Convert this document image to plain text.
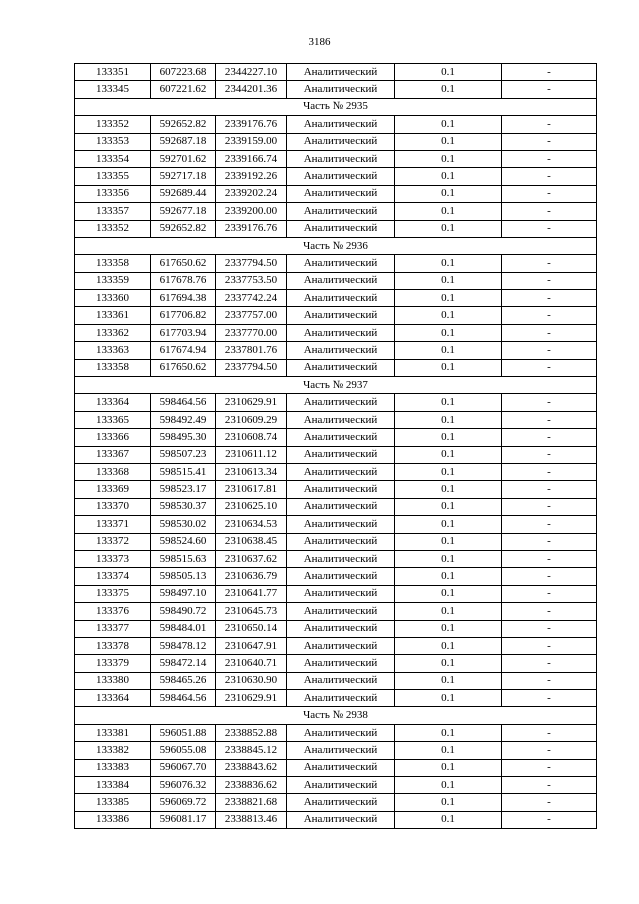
3186
133351	607223.68	2344227.10	Аналитический	0.1	-
133345	607221.62	2344201.36	Аналитический	0.1	-
Часть № 2935					
133352	592652.82	2339176.76	Аналитический	0.1	-
133353	592687.18	2339159.00	Аналитический	0.1	-
133354	592701.62	2339166.74	Аналитический	0.1	-
133355	592717.18	2339192.26	Аналитический	0.1	-
133356	592689.44	2339202.24	Аналитический	0.1	-
133357	592677.18	2339200.00	Аналитический	0.1	-
133352	592652.82	2339176.76	Аналитический	0.1	-
Часть № 2936					
133358	617650.62	2337794.50	Аналитический	0.1	-
133359	617678.76	2337753.50	Аналитический	0.1	-
133360	617694.38	2337742.24	Аналитический	0.1	-
133361	617706.82	2337757.00	Аналитический	0.1	-
133362	617703.94	2337770.00	Аналитический	0.1	-
133363	617674.94	2337801.76	Аналитический	0.1	-
133358	617650.62	2337794.50	Аналитический	0.1	-
Часть № 2937					
133364	598464.56	2310629.91	Аналитический	0.1	-
133365	598492.49	2310609.29	Аналитический	0.1	-
133366	598495.30	2310608.74	Аналитический	0.1	-
133367	598507.23	2310611.12	Аналитический	0.1	-
133368	598515.41	2310613.34	Аналитический	0.1	-
133369	598523.17	2310617.81	Аналитический	0.1	-
133370	598530.37	2310625.10	Аналитический	0.1	-
133371	598530.02	2310634.53	Аналитический	0.1	-
133372	598524.60	2310638.45	Аналитический	0.1	-
133373	598515.63	2310637.62	Аналитический	0.1	-
133374	598505.13	2310636.79	Аналитический	0.1	-
133375	598497.10	2310641.77	Аналитический	0.1	-
133376	598490.72	2310645.73	Аналитический	0.1	-
133377	598484.01	2310650.14	Аналитический	0.1	-
133378	598478.12	2310647.91	Аналитический	0.1	-
133379	598472.14	2310640.71	Аналитический	0.1	-
133380	598465.26	2310630.90	Аналитический	0.1	-
133364	598464.56	2310629.91	Аналитический	0.1	-
Часть № 2938					
133381	596051.88	2338852.88	Аналитический	0.1	-
133382	596055.08	2338845.12	Аналитический	0.1	-
133383	596067.70	2338843.62	Аналитический	0.1	-
133384	596076.32	2338836.62	Аналитический	0.1	-
133385	596069.72	2338821.68	Аналитический	0.1	-
133386	596081.17	2338813.46	Аналитический	0.1	-
